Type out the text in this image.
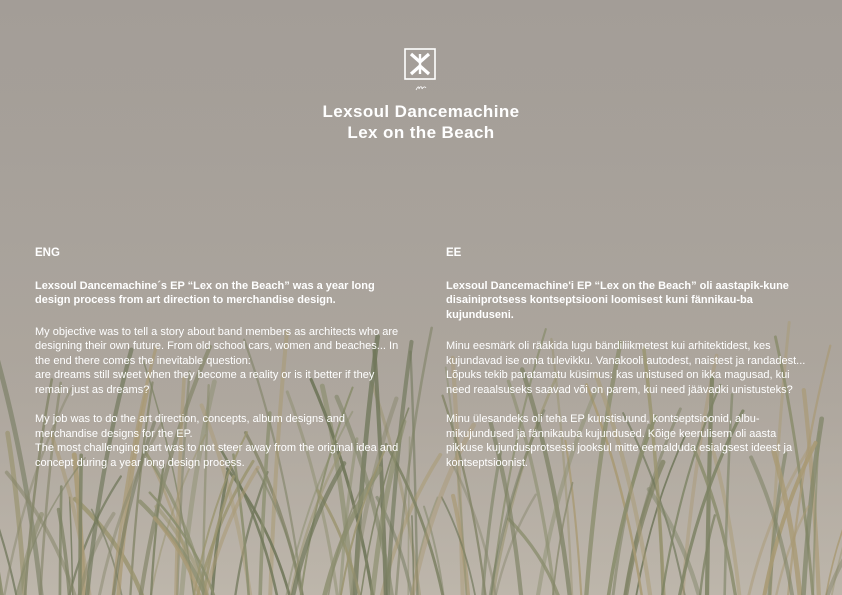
Lexsoul Dancemachine
Lex on the Beach
ENG
Lexsoul Dancemachine´s EP “Lex on the Beach” was a year long design process from art direction to merchandise design.
My objective was to tell a story about band members as architects who are designing their own future. From old school cars, women and beaches... In the end there comes the inevitable question:
are dreams still sweet when they become a reality or is it better if they remain just as dreams?
My job was to do the art direction, concepts, album designs and merchandise designs for the EP.
The most challenging part was to not steer away from the original idea and concept during a year long design process.
EE
Lexsoul Dancemachine'i EP “Lex on the Beach” oli aastapik-kune disainiprotsess kontseptsiooni loomisest kuni fännikau-ba kujunduseni.
Minu eesmärk oli rääkida lugu bändiliikmetest kui arhitektidest, kes kujundavad ise oma tulevikku. Vanakooli autodest, naistest ja randadest... Lõpuks tekib paratamatu küsimus: kas unistused on ikka magusad, kui need reaalsuseks saavad või on parem, kui need jäävadki unistusteks?
Minu ülesandeks oli teha EP kunstisuund, kontseptsioonid, albu-mikujundused ja fännikauba kujundused. Kõige keerulisem oli aasta pikkuse kujundusprotsessi jooksul mitte eemalduda esialgsest ideest ja kontseptsioonist.
